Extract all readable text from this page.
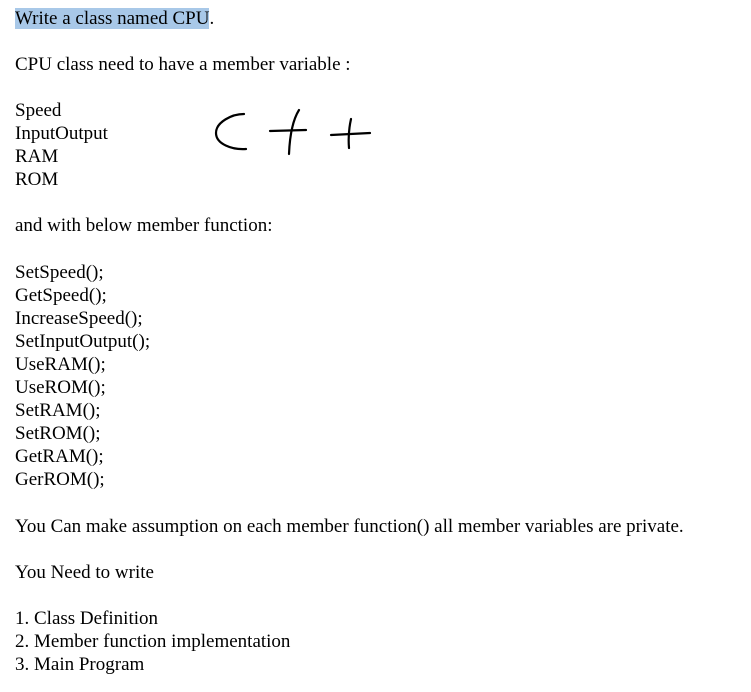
Write a class named CPU.
CPU class need to have a member variable :
Speed
InputOutput
RAM
ROM
and with below member function:
SetSpeed();
GetSpeed();
IncreaseSpeed();
SetInputOutput();
UseRAM();
UseROM();
SetRAM();
SetROM();
GetRAM();
GerROM();
You Can make assumption on each member function() all member variables are private.
You Need to write
1. Class Definition
2. Member function implementation
3. Main Program
